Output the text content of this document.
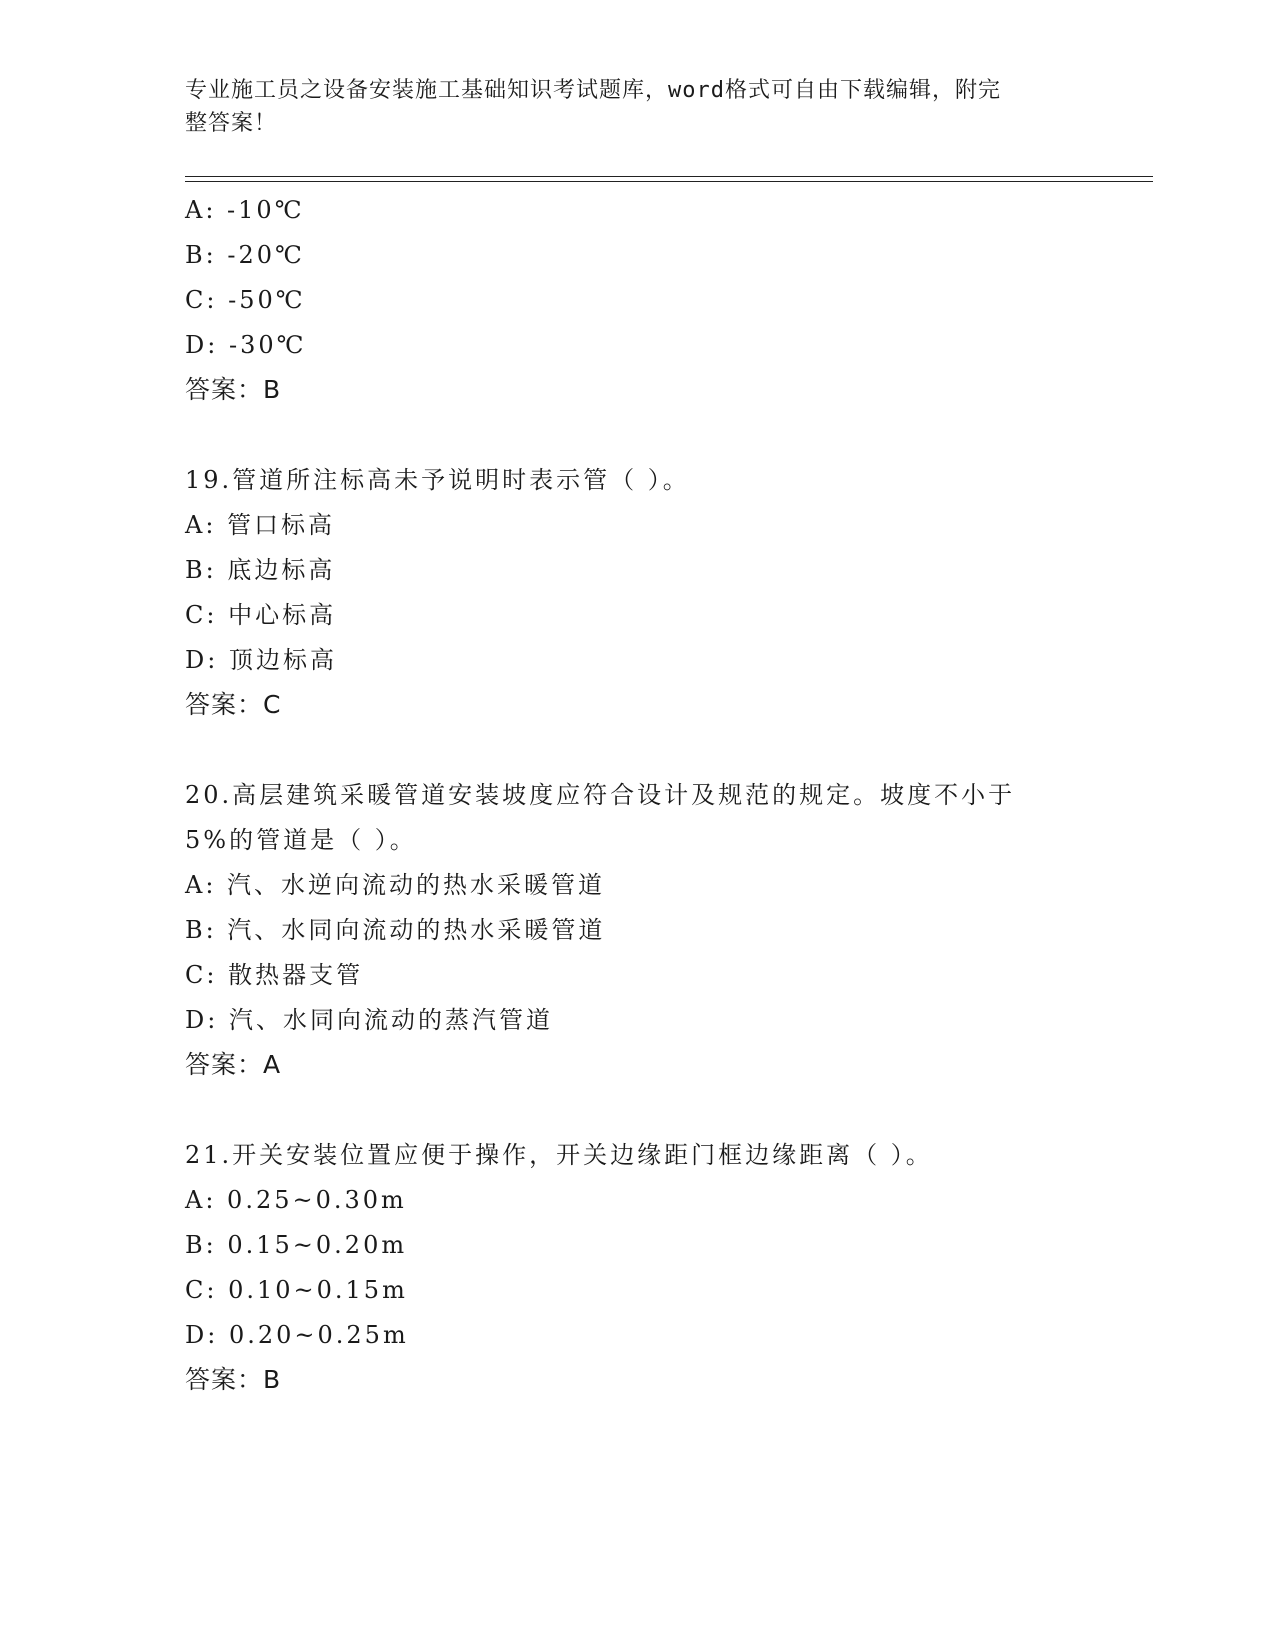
专业施工员之设备安装施工基础知识考试题库，word格式可自由下载编辑，附完
整答案！
A: -10℃
B: -20℃
C: -50℃
D: -30℃
答案：B
19.管道所注标高未予说明时表示管（ ）。
A: 管口标高
B: 底边标高
C: 中心标高
D: 顶边标高
答案：C
20.高层建筑采暖管道安装坡度应符合设计及规范的规定。坡度不小于
5%的管道是（ ）。
A: 汽、水逆向流动的热水采暖管道
B: 汽、水同向流动的热水采暖管道
C: 散热器支管
D: 汽、水同向流动的蒸汽管道
答案：A
21.开关安装位置应便于操作，开关边缘距门框边缘距离（ ）。
A: 0.25~0.30m
B: 0.15~0.20m
C: 0.10~0.15m
D: 0.20~0.25m
答案：B
